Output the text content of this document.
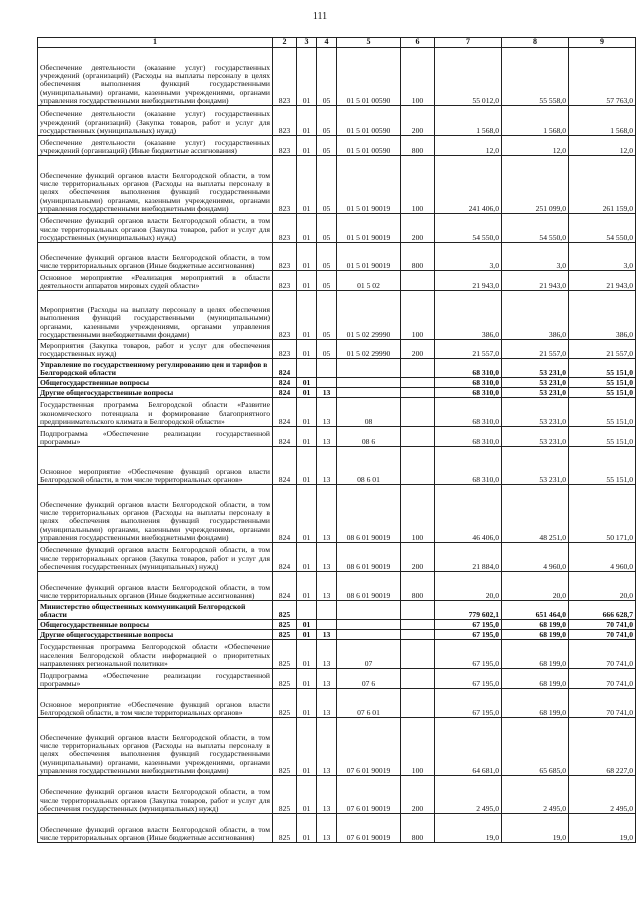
111
1	2	3	4	5	6	7	8	9
Обеспечение деятельности (оказание услуг) государственных учреждений (организаций) (Расходы на выплаты персоналу в целях обеспечения выполнения функций государственными (муниципальными) органами, казенными учреждениями, органами управления государственными внебюджетными фондами)	823	01	05	01 5 01 00590	100	55 012,0	55 558,0	57 763,0
Обеспечение деятельности (оказание услуг) государственных учреждений (организаций) (Закупка товаров, работ и услуг для государственных (муниципальных) нужд)	823	01	05	01 5 01 00590	200	1 568,0	1 568,0	1 568,0
Обеспечение деятельности (оказание услуг) государственных учреждений (организаций) (Иные бюджетные ассигнования)	823	01	05	01 5 01 00590	800	12,0	12,0	12,0
Обеспечение функций органов власти Белгородской области, в том числе территориальных органов (Расходы на выплаты персоналу в целях обеспечения выполнения функций государственными (муниципальными) органами, казенными учреждениями, органами управления государственными внебюджетными фондами)	823	01	05	01 5 01 90019	100	241 406,0	251 099,0	261 159,0
Обеспечение функций органов власти Белгородской области, в том числе территориальных органов (Закупка товаров, работ и услуг для государственных (муниципальных) нужд)	823	01	05	01 5 01 90019	200	54 550,0	54 550,0	54 550,0
Обеспечение функций органов власти Белгородской области, в том числе территориальных органов (Иные бюджетные ассигнования)	823	01	05	01 5 01 90019	800	3,0	3,0	3,0
Основное мероприятие «Реализация мероприятий в области деятельности аппаратов мировых судей области»	823	01	05	01 5 02		21 943,0	21 943,0	21 943,0
Мероприятия (Расходы на выплату персоналу в целях обеспечения выполнения функций государственными (муниципальными) органами, казенными учреждениями, органами управления государственными внебюджетными фондами)	823	01	05	01 5 02 29990	100	386,0	386,0	386,0
Мероприятия (Закупка товаров, работ и услуг для обеспечения государственных нужд)	823	01	05	01 5 02 29990	200	21 557,0	21 557,0	21 557,0
Управление по государственному регулированию цен и тарифов в Белгородской области	824					68 310,0	53 231,0	55 151,0
Общегосударственные вопросы	824	01				68 310,0	53 231,0	55 151,0
Другие общегосударственные вопросы	824	01	13			68 310,0	53 231,0	55 151,0
Государственная программа Белгородской области «Развитие экономического потенциала и формирование благоприятного предпринимательского климата в Белгородской области»	824	01	13	08		68 310,0	53 231,0	55 151,0
Подпрограмма «Обеспечение реализации государственной программы»	824	01	13	08 6		68 310,0	53 231,0	55 151,0
Основное мероприятие «Обеспечение функций органов власти Белгородской области, в том числе территориальных органов»	824	01	13	08 6 01		68 310,0	53 231,0	55 151,0
Обеспечение функций органов власти Белгородской области, в том числе территориальных органов (Расходы на выплаты персоналу в целях обеспечения выполнения функций государственными (муниципальными) органами, казенными учреждениями, органами управления государственными внебюджетными фондами)	824	01	13	08 6 01 90019	100	46 406,0	48 251,0	50 171,0
Обеспечение функций органов власти Белгородской области, в том числе территориальных органов (Закупка товаров, работ и услуг для обеспечения государственных (муниципальных) нужд)	824	01	13	08 6 01 90019	200	21 884,0	4 960,0	4 960,0
Обеспечение функций органов власти Белгородской области, в том числе территориальных органов (Иные бюджетные ассигнования)	824	01	13	08 6 01 90019	800	20,0	20,0	20,0
Министерство общественных коммуникаций Белгородской области	825					779 602,1	651 464,0	666 628,7
Общегосударственные вопросы	825	01				67 195,0	68 199,0	70 741,0
Другие общегосударственные вопросы	825	01	13			67 195,0	68 199,0	70 741,0
Государственная программа Белгородской области «Обеспечение населения Белгородской области информацией о приоритетных направлениях региональной политики»	825	01	13	07		67 195,0	68 199,0	70 741,0
Подпрограмма «Обеспечение реализации государственной программы»	825	01	13	07 6		67 195,0	68 199,0	70 741,0
Основное мероприятие «Обеспечение функций органов власти Белгородской области, в том числе территориальных органов»	825	01	13	07 6 01		67 195,0	68 199,0	70 741,0
Обеспечение функций органов власти Белгородской области, в том числе территориальных органов (Расходы на выплаты персоналу в целях обеспечения выполнения функций государственными (муниципальными) органами, казенными учреждениями, органами управления государственными внебюджетными фондами)	825	01	13	07 6 01 90019	100	64 681,0	65 685,0	68 227,0
Обеспечение функций органов власти Белгородской области, в том числе территориальных органов (Закупка товаров, работ и услуг для обеспечения государственных (муниципальных) нужд)	825	01	13	07 6 01 90019	200	2 495,0	2 495,0	2 495,0
Обеспечение функций органов власти Белгородской области, в том числе территориальных органов (Иные бюджетные ассигнования)	825	01	13	07 6 01 90019	800	19,0	19,0	19,0
